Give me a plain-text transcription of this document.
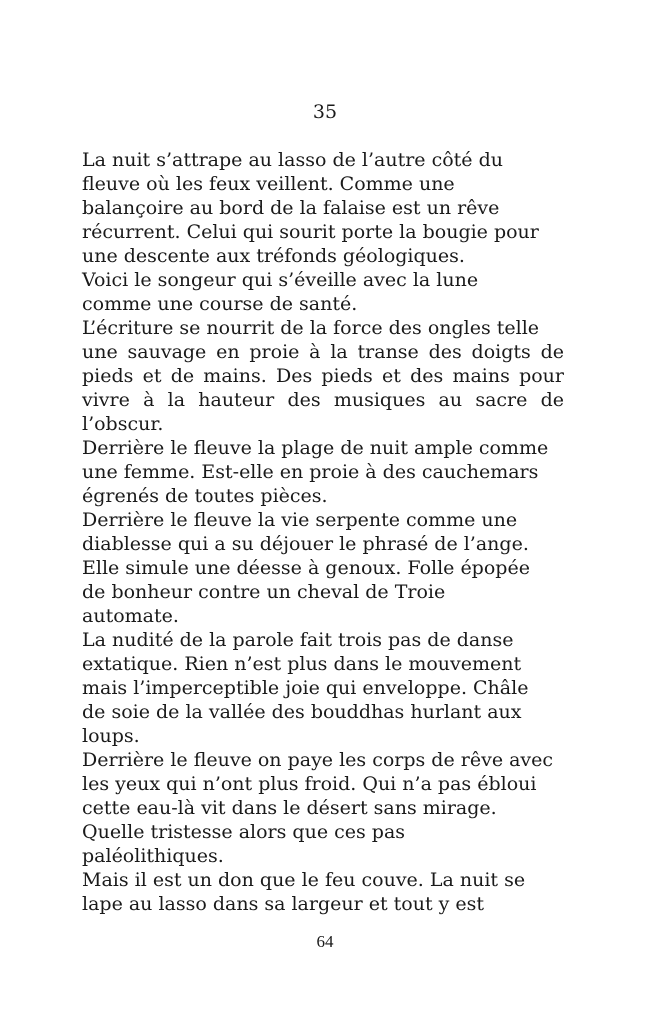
35
La nuit s’attrape au lasso de l’autre côté du
fleuve où les feux veillent. Comme une
balançoire au bord de la falaise est un rêve
récurrent. Celui qui sourit porte la bougie pour
une descente aux tréfonds géologiques.
Voici le songeur qui s’éveille avec la lune
comme une course de santé.
L’écriture se nourrit de la force des ongles telle
une sauvage en proie à la transe des doigts de
pieds et de mains. Des pieds et des mains pour
vivre à la hauteur des musiques au sacre de
l’obscur.
Derrière le fleuve la plage de nuit ample comme
une femme. Est-elle en proie à des cauchemars
égrenés de toutes pièces.
Derrière le fleuve la vie serpente comme une
diablesse qui a su déjouer le phrasé de l’ange.
Elle simule une déesse à genoux. Folle épopée
de bonheur contre un cheval de Troie
automate.
La nudité de la parole fait trois pas de danse
extatique. Rien n’est plus dans le mouvement
mais l’imperceptible joie qui enveloppe. Châle
de soie de la vallée des bouddhas hurlant aux
loups.
Derrière le fleuve on paye les corps de rêve avec
les yeux qui n’ont plus froid. Qui n’a pas ébloui
cette eau-là vit dans le désert sans mirage.
Quelle tristesse alors que ces pas
paléolithiques.
Mais il est un don que le feu couve. La nuit se
lape au lasso dans sa largeur et tout y est
64
